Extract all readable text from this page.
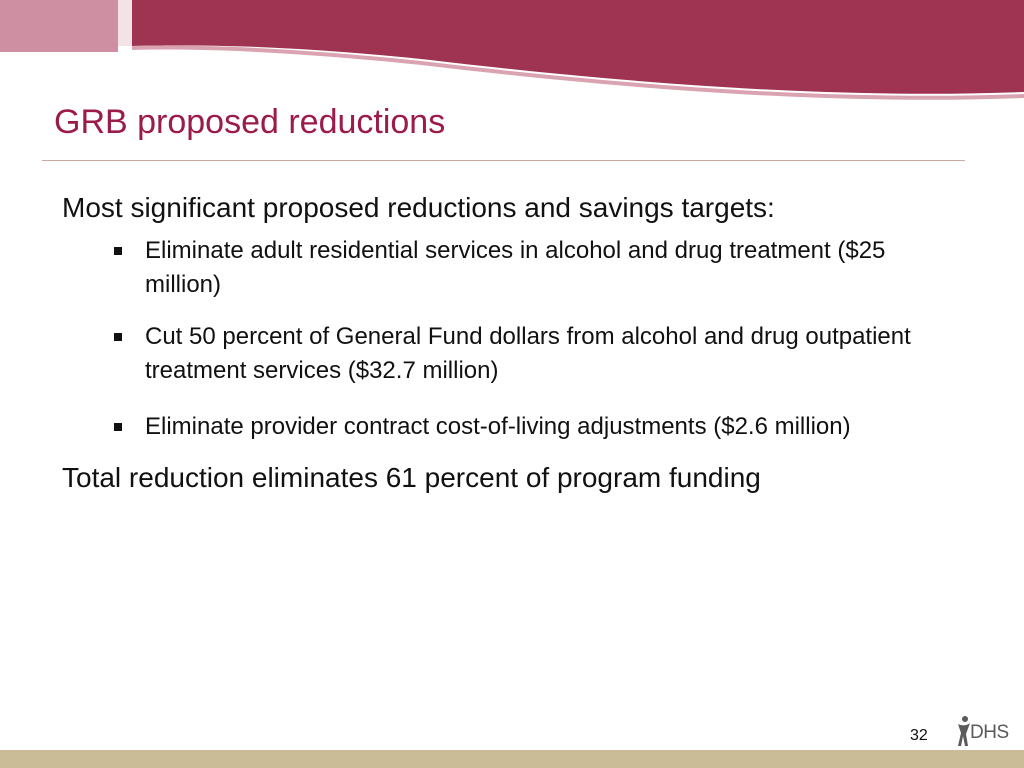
GRB proposed reductions

Most significant proposed reductions and savings targets:

Eliminate adult residential services in alcohol and drug treatment ($25 million)
Cut 50 percent of General Fund dollars from alcohol and drug outpatient treatment services ($32.7 million)
Eliminate provider contract cost-of-living adjustments ($2.6 million)

Total reduction eliminates 61 percent of program funding

32 DHS
